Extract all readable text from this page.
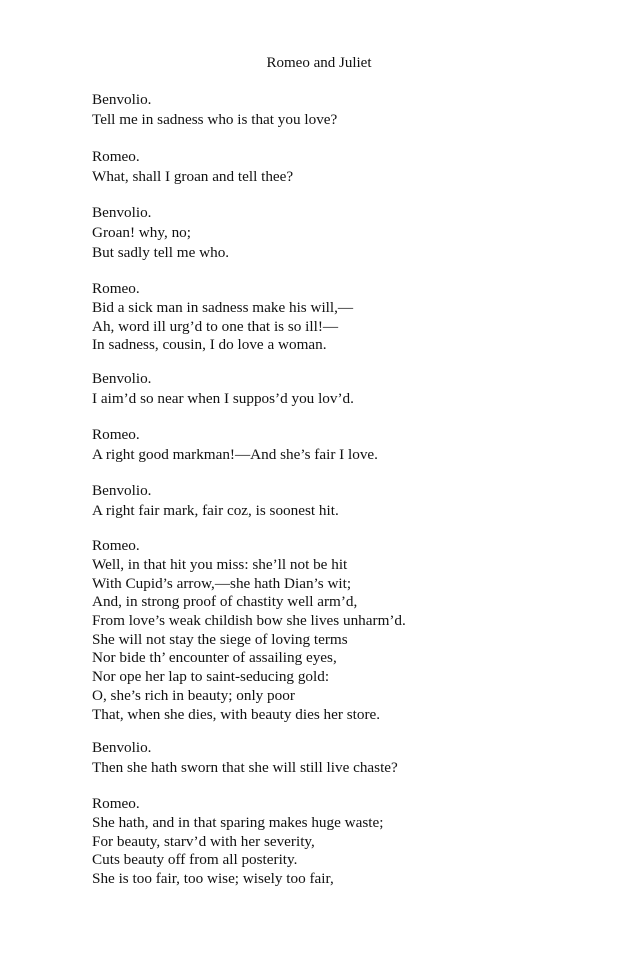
Romeo and Juliet
Benvolio.
Tell me in sadness who is that you love?
Romeo.
What, shall I groan and tell thee?
Benvolio.
Groan! why, no;
But sadly tell me who.
Romeo.
Bid a sick man in sadness make his will,—
Ah, word ill urg’d to one that is so ill!—
In sadness, cousin, I do love a woman.
Benvolio.
I aim’d so near when I suppos’d you lov’d.
Romeo.
A right good markman!—And she’s fair I love.
Benvolio.
A right fair mark, fair coz, is soonest hit.
Romeo.
Well, in that hit you miss: she’ll not be hit
With Cupid’s arrow,—she hath Dian’s wit;
And, in strong proof of chastity well arm’d,
From love’s weak childish bow she lives unharm’d.
She will not stay the siege of loving terms
Nor bide th’ encounter of assailing eyes,
Nor ope her lap to saint-seducing gold:
O, she’s rich in beauty; only poor
That, when she dies, with beauty dies her store.
Benvolio.
Then she hath sworn that she will still live chaste?
Romeo.
She hath, and in that sparing makes huge waste;
For beauty, starv’d with her severity,
Cuts beauty off from all posterity.
She is too fair, too wise; wisely too fair,
